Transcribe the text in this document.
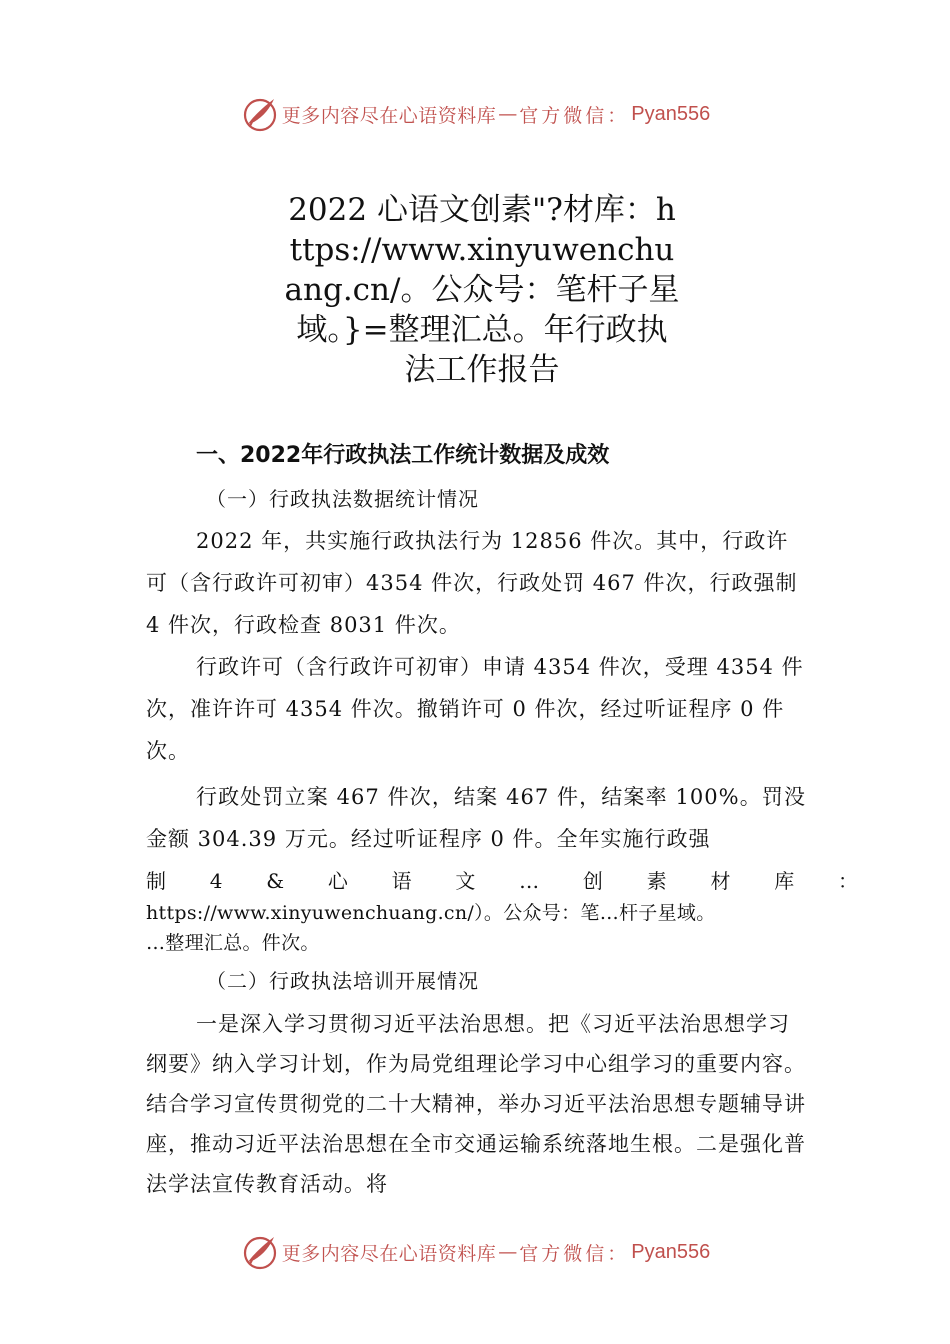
更多内容尽在心语资料库 — 官方微信： Pyan556
2022 心语文创素"?材库：https://www.xinyuwenchuang.cn/。公众号：笔杆子星域。}=整理汇总。年行政执法工作报告
一、2022年行政执法工作统计数据及成效

（一）行政执法数据统计情况

2022 年，共实施行政执法行为 12856 件次。其中，行政许可（含行政许可初审）4354 件次，行政处罚 467 件次，行政强制 4 件次，行政检查 8031 件次。

行政许可（含行政许可初审）申请 4354 件次，受理 4354 件次，准许许可 4354 件次。撤销许可 0 件次，经过听证程序 0 件次。

行政处罚立案 467 件次，结案 467 件，结案率 100%。罚没金额 304.39 万元。经过听证程序 0 件。全年实施行政强

制 4 & 心 语 文 … 创 素 材 库 ：
https://www.xinyuwenchuang.cn/）。公众号：笔…杆子星域。
…整理汇总。件次。

（二）行政执法培训开展情况

一是深入学习贯彻习近平法治思想。把《习近平法治思想学习纲要》纳入学习计划，作为局党组理论学习中心组学习的重要内容。结合学习宣传贯彻党的二十大精神，举办习近平法治思想专题辅导讲座，推动习近平法治思想在全市交通运输系统落地生根。二是强化普法学法宣传教育活动。将

更多内容尽在心语资料库 — 官方微信： Pyan556
